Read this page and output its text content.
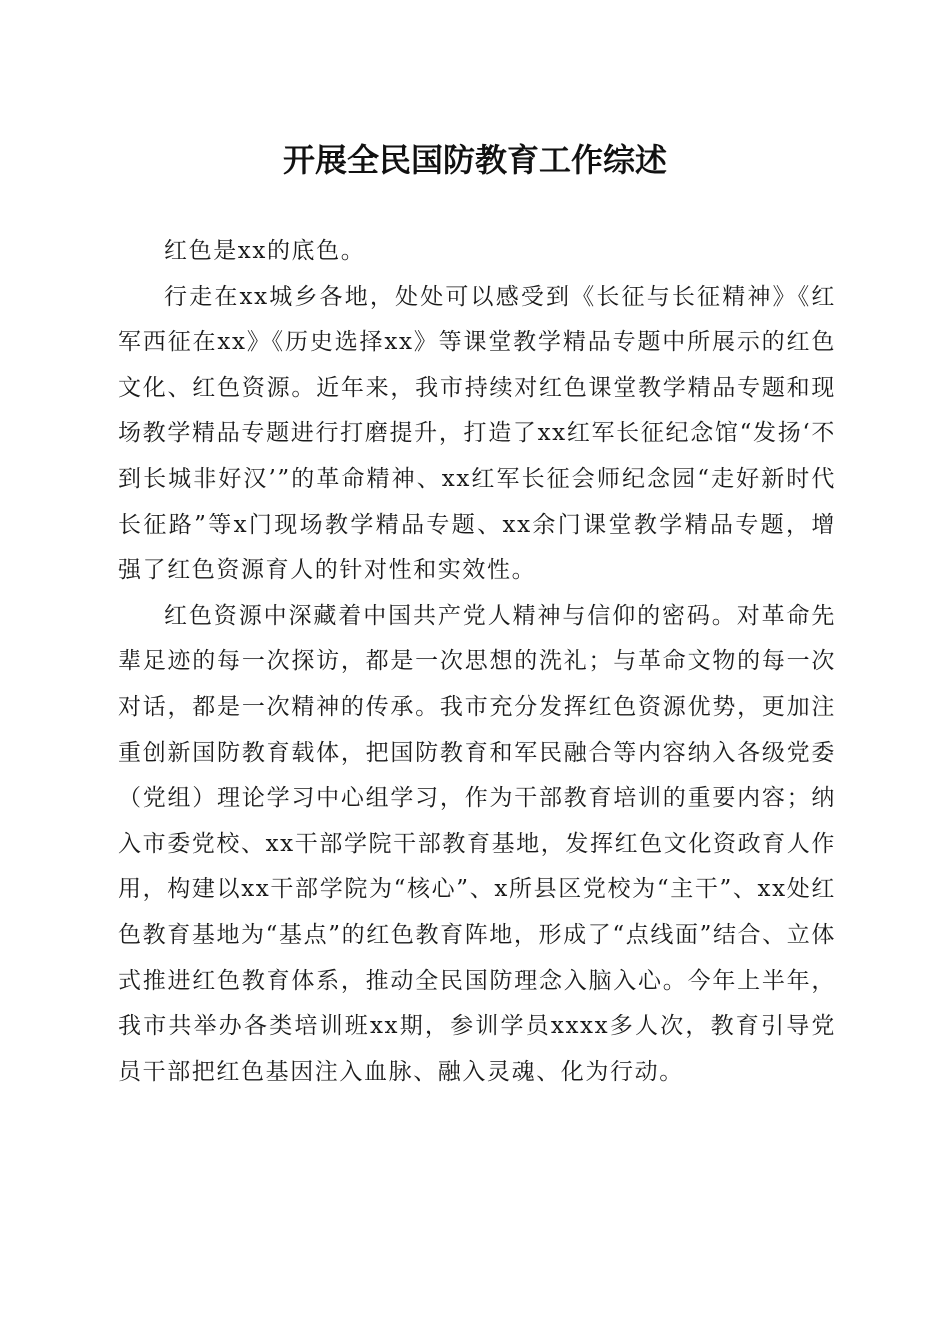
开展全民国防教育工作综述

红色是xx的底色。

行走在xx城乡各地，处处可以感受到《长征与长征精神》《红军西征在xx》《历史选择xx》等课堂教学精品专题中所展示的红色文化、红色资源。近年来，我市持续对红色课堂教学精品专题和现场教学精品专题进行打磨提升，打造了xx红军长征纪念馆“发扬‘不到长城非好汉’”的革命精神、xx红军长征会师纪念园“走好新时代长征路”等x门现场教学精品专题、xx余门课堂教学精品专题，增强了红色资源育人的针对性和实效性。

红色资源中深藏着中国共产党人精神与信仰的密码。对革命先辈足迹的每一次探访，都是一次思想的洗礼；与革命文物的每一次对话，都是一次精神的传承。我市充分发挥红色资源优势，更加注重创新国防教育载体，把国防教育和军民融合等内容纳入各级党委（党组）理论学习中心组学习，作为干部教育培训的重要内容；纳入市委党校、xx干部学院干部教育基地，发挥红色文化资政育人作用，构建以xx干部学院为“核心”、x所县区党校为“主干”、xx处红色教育基地为“基点”的红色教育阵地，形成了“点线面”结合、立体式推进红色教育体系，推动全民国防理念入脑入心。今年上半年，我市共举办各类培训班xx期，参训学员xxxx多人次，教育引导党员干部把红色基因注入血脉、融入灵魂、化为行动。
